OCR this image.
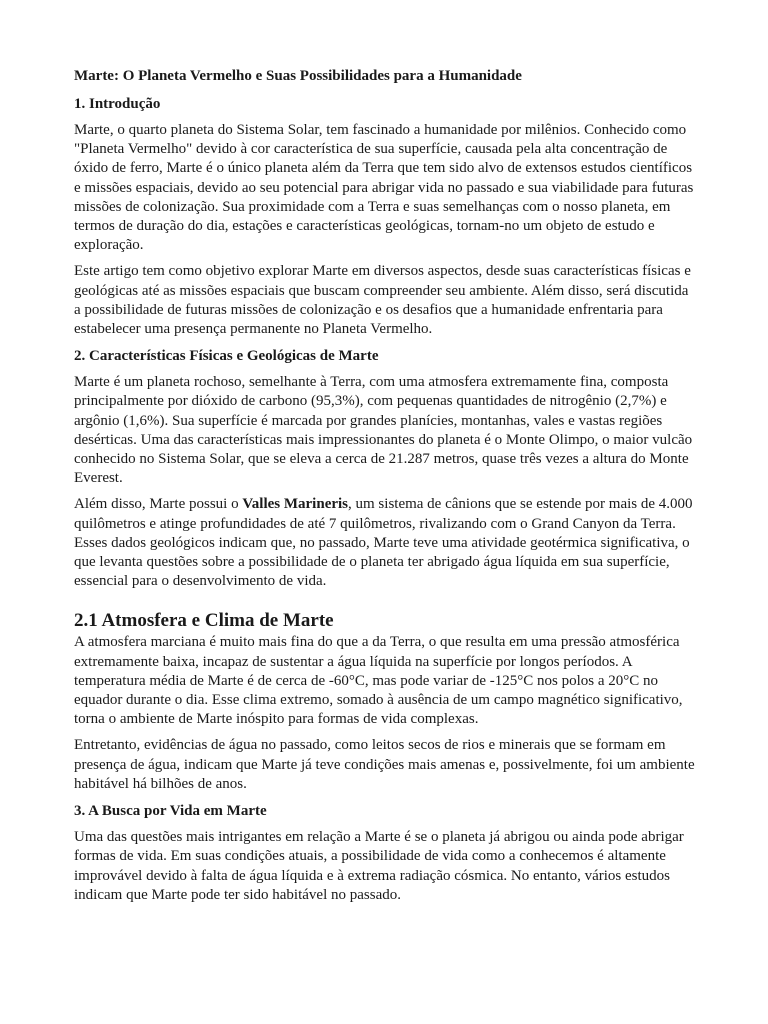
Marte: O Planeta Vermelho e Suas Possibilidades para a Humanidade
1. Introdução

Marte, o quarto planeta do Sistema Solar, tem fascinado a humanidade por milênios. Conhecido como "Planeta Vermelho" devido à cor característica de sua superfície, causada pela alta concentração de óxido de ferro, Marte é o único planeta além da Terra que tem sido alvo de extensos estudos científicos e missões espaciais, devido ao seu potencial para abrigar vida no passado e sua viabilidade para futuras missões de colonização. Sua proximidade com a Terra e suas semelhanças com o nosso planeta, em termos de duração do dia, estações e características geológicas, tornam-no um objeto de estudo e exploração.

Este artigo tem como objetivo explorar Marte em diversos aspectos, desde suas características físicas e geológicas até as missões espaciais que buscam compreender seu ambiente. Além disso, será discutida a possibilidade de futuras missões de colonização e os desafios que a humanidade enfrentaria para estabelecer uma presença permanente no Planeta Vermelho.

2. Características Físicas e Geológicas de Marte

Marte é um planeta rochoso, semelhante à Terra, com uma atmosfera extremamente fina, composta principalmente por dióxido de carbono (95,3%), com pequenas quantidades de nitrogênio (2,7%) e argônio (1,6%). Sua superfície é marcada por grandes planícies, montanhas, vales e vastas regiões desérticas. Uma das características mais impressionantes do planeta é o Monte Olimpo, o maior vulcão conhecido no Sistema Solar, que se eleva a cerca de 21.287 metros, quase três vezes a altura do Monte Everest.

Além disso, Marte possui o Valles Marineris, um sistema de cânions que se estende por mais de 4.000 quilômetros e atinge profundidades de até 7 quilômetros, rivalizando com o Grand Canyon da Terra. Esses dados geológicos indicam que, no passado, Marte teve uma atividade geotérmica significativa, o que levanta questões sobre a possibilidade de o planeta ter abrigado água líquida em sua superfície, essencial para o desenvolvimento de vida.

2.1 Atmosfera e Clima de Marte

A atmosfera marciana é muito mais fina do que a da Terra, o que resulta em uma pressão atmosférica extremamente baixa, incapaz de sustentar a água líquida na superfície por longos períodos. A temperatura média de Marte é de cerca de -60°C, mas pode variar de -125°C nos polos a 20°C no equador durante o dia. Esse clima extremo, somado à ausência de um campo magnético significativo, torna o ambiente de Marte inóspito para formas de vida complexas.

Entretanto, evidências de água no passado, como leitos secos de rios e minerais que se formam em presença de água, indicam que Marte já teve condições mais amenas e, possivelmente, foi um ambiente habitável há bilhões de anos.

3. A Busca por Vida em Marte

Uma das questões mais intrigantes em relação a Marte é se o planeta já abrigou ou ainda pode abrigar formas de vida. Em suas condições atuais, a possibilidade de vida como a conhecemos é altamente improvável devido à falta de água líquida e à extrema radiação cósmica. No entanto, vários estudos indicam que Marte pode ter sido habitável no passado.
